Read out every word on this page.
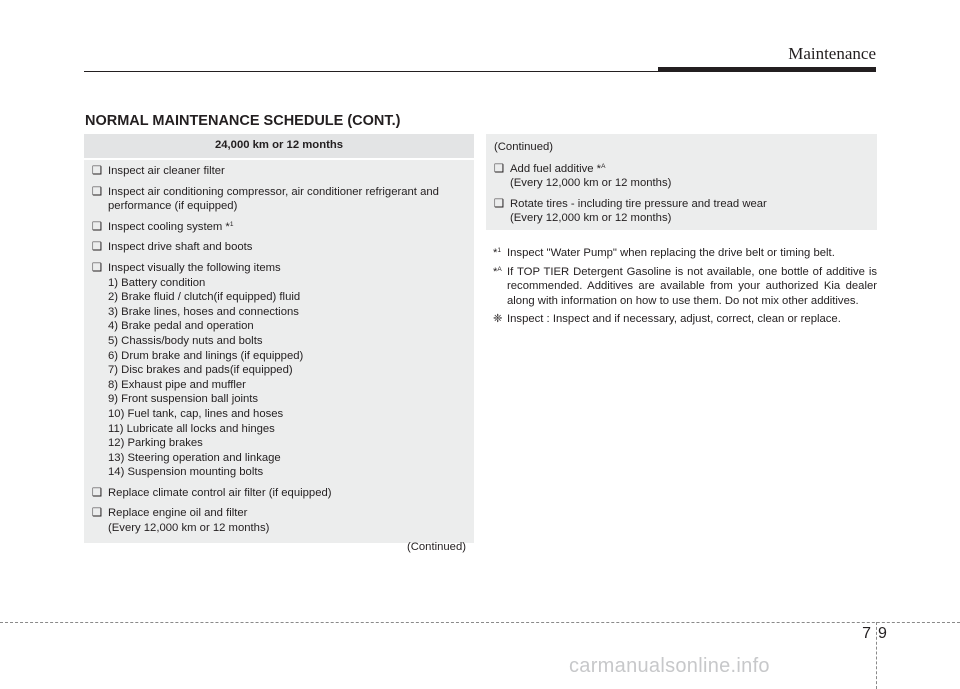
Maintenance
NORMAL MAINTENANCE SCHEDULE (CONT.)
24,000 km or 12 months
❑ Inspect air cleaner filter
❑ Inspect air conditioning compressor, air conditioner refrigerant and performance (if equipped)
❑ Inspect cooling system *$^1$
❑ Inspect drive shaft and boots
❑ Inspect visually the following items
1) Battery condition
2) Brake fluid / clutch(if equipped) fluid
3) Brake lines, hoses and connections
4) Brake pedal and operation
5) Chassis/body nuts and bolts
6) Drum brake and linings (if equipped)
7) Disc brakes and pads(if equipped)
8) Exhaust pipe and muffler
9) Front suspension ball joints
10) Fuel tank, cap, lines and hoses
11) Lubricate all locks and hinges
12) Parking brakes
13) Steering operation and linkage
14) Suspension mounting bolts
❑ Replace climate control air filter (if equipped)
❑ Replace engine oil and filter
(Every 12,000 km or 12 months)
(Continued)
(Continued)
❑ Add fuel additive *$^A$
(Every 12,000 km or 12 months)
❑ Rotate tires - including tire pressure and tread wear
(Every 12,000 km or 12 months)
*$^1$ Inspect "Water Pump" when replacing the drive belt or timing belt.
*$^A$ If TOP TIER Detergent Gasoline is not available, one bottle of additive is recommended. Additives are available from your authorized Kia dealer along with information on how to use them. Do not mix other additives.
❈ Inspect : Inspect and if necessary, adjust, correct, clean or replace.
79
carmanualsonline.info
